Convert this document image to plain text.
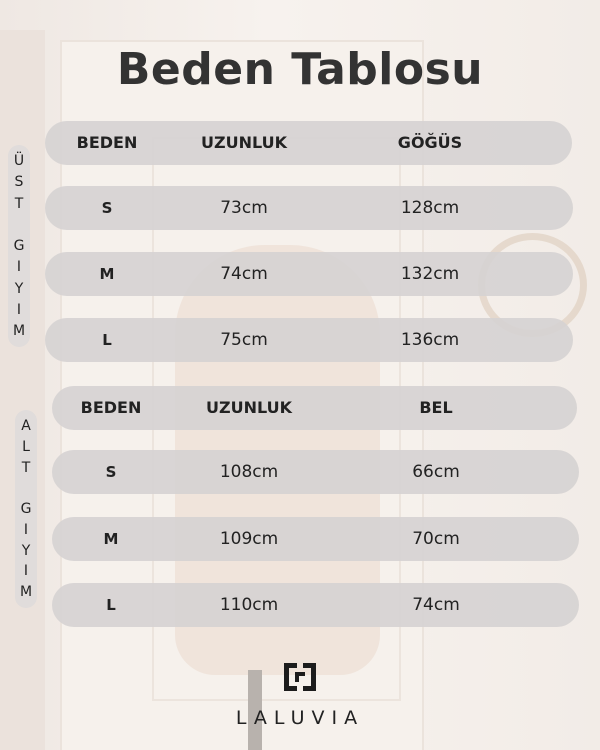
Beden Tablosu
Ü
S
T
G
I
Y
I
M
BEDEN	UZUNLUK	GÖĞÜS
S	73cm	128cm
M	74cm	132cm
L	75cm	136cm
A
L
T
G
I
Y
I
M
BEDEN	UZUNLUK	BEL
S	108cm	66cm
M	109cm	70cm
L	110cm	74cm
LALUVIA
